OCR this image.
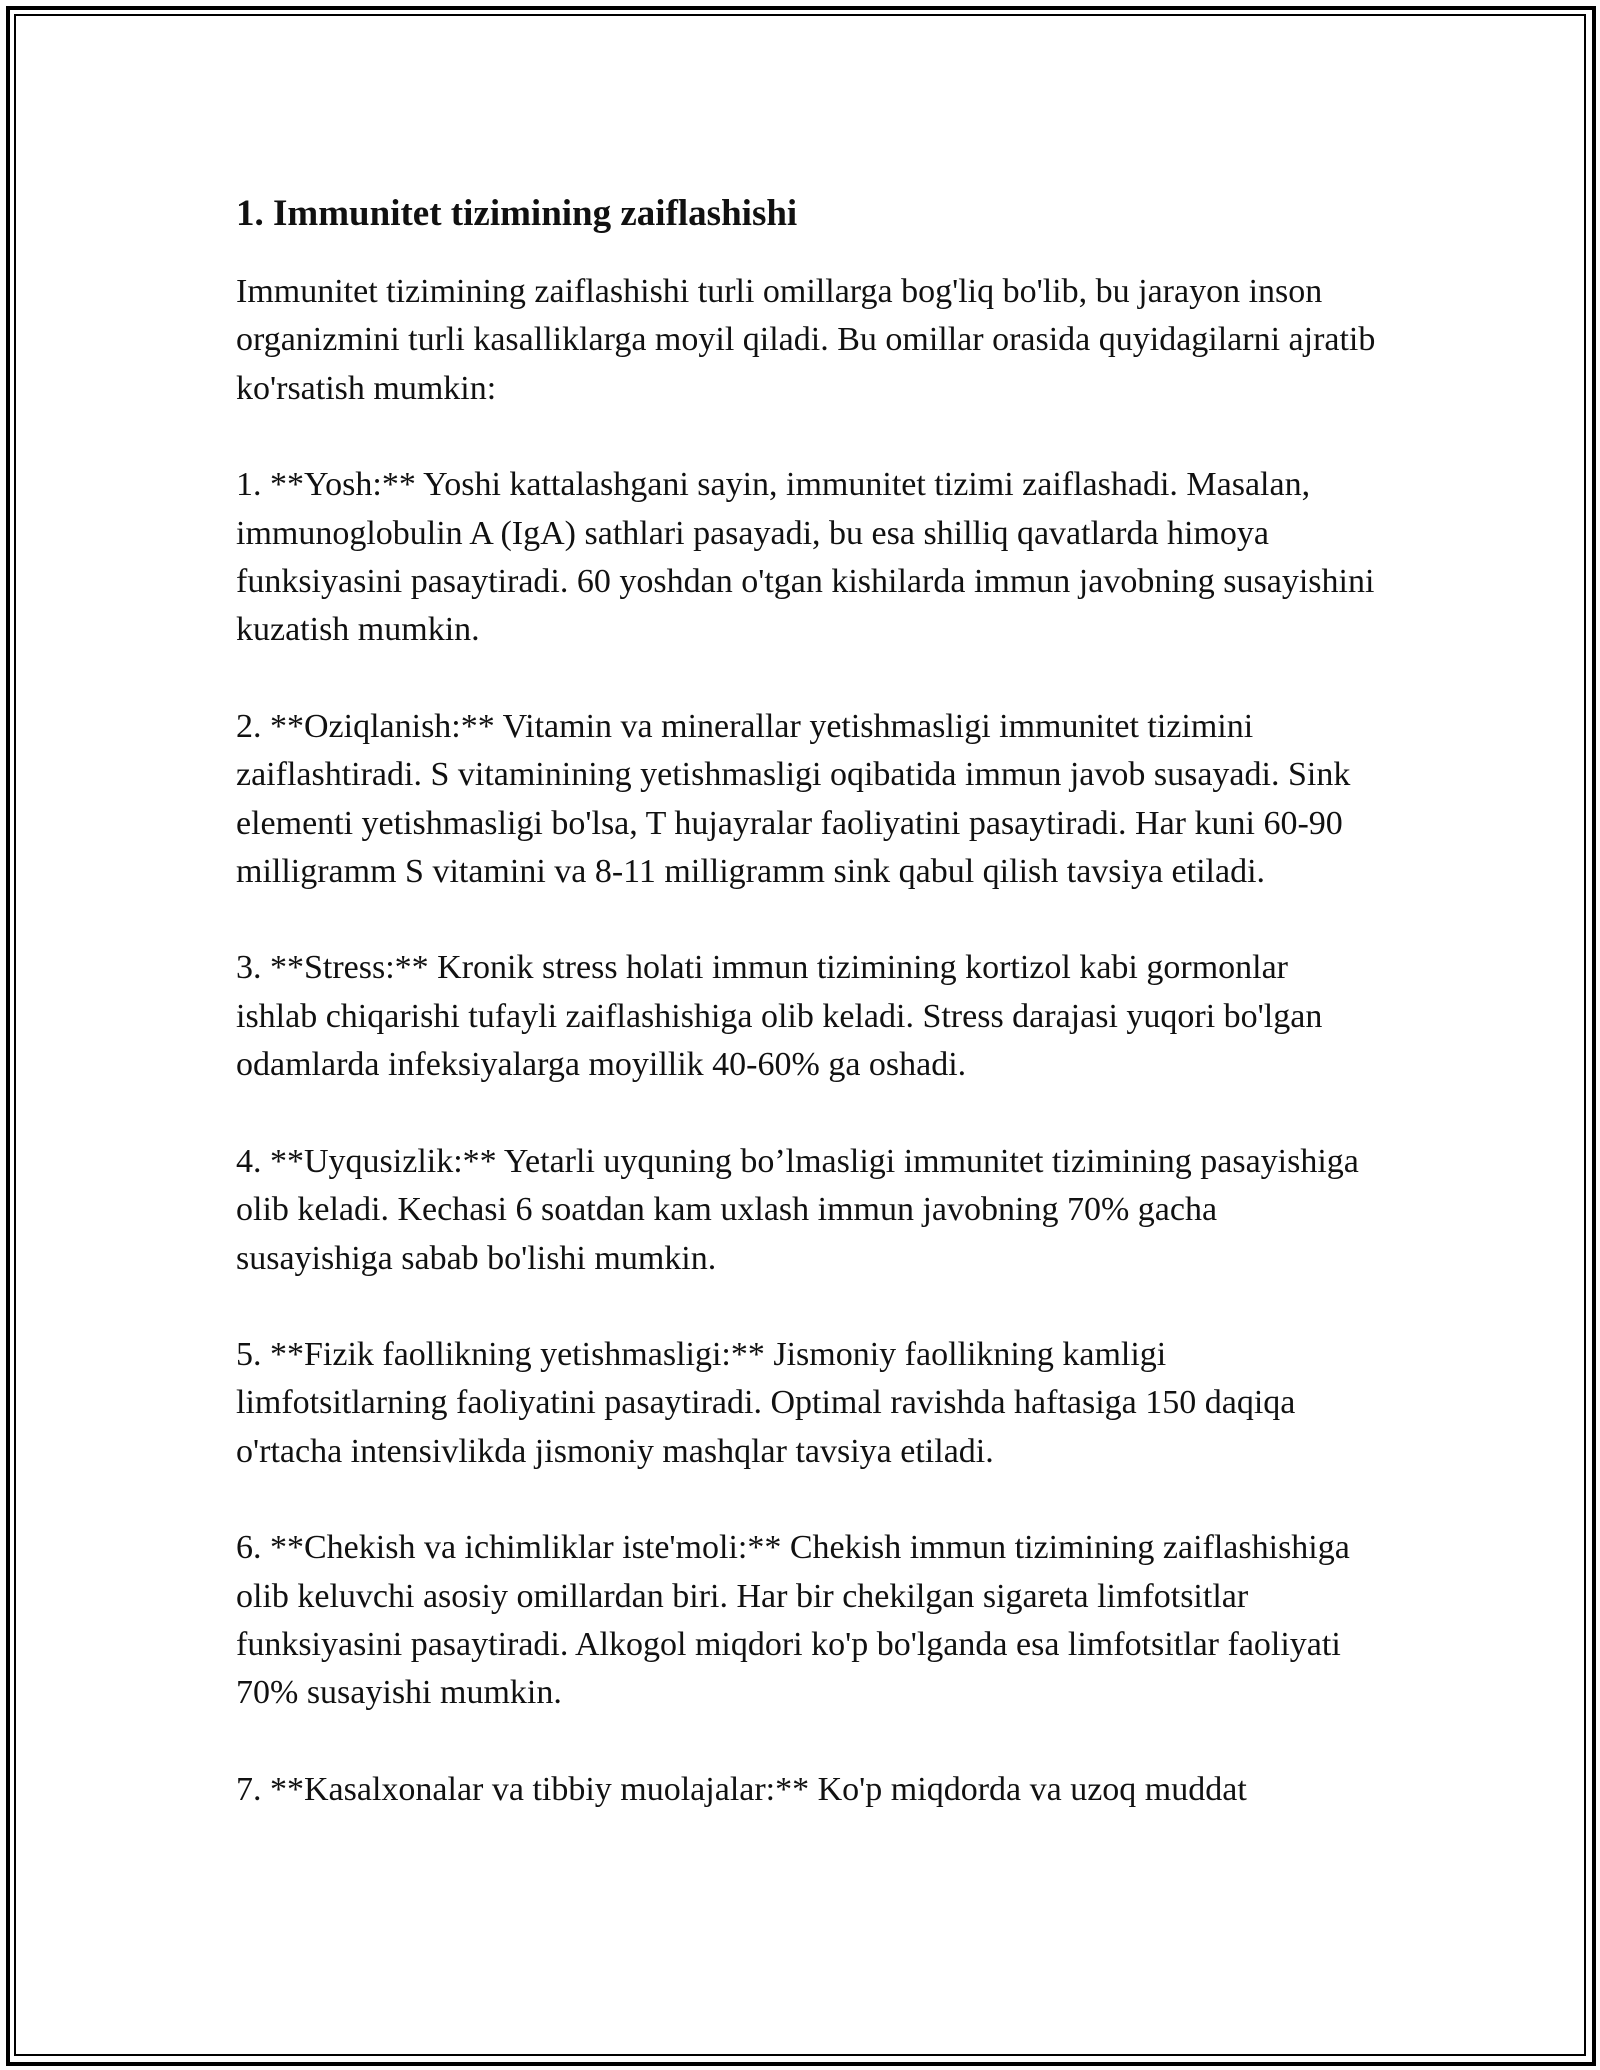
1. Immunitet tizimining zaiflashishi

Immunitet tizimining zaiflashishi turli omillarga bog'liq bo'lib, bu jarayon inson organizmini turli kasalliklarga moyil qiladi. Bu omillar orasida quyidagilarni ajratib ko'rsatish mumkin:

1. **Yosh:** Yoshi kattalashgani sayin, immunitet tizimi zaiflashadi. Masalan, immunoglobulin A (IgA) sathlari pasayadi, bu esa shilliq qavatlarda himoya funksiyasini pasaytiradi. 60 yoshdan o'tgan kishilarda immun javobning susayishini kuzatish mumkin.

2. **Oziqlanish:** Vitamin va minerallar yetishmasligi immunitet tizimini zaiflashtiradi. S vitaminining yetishmasligi oqibatida immun javob susayadi. Sink elementi yetishmasligi bo'lsa, T hujayralar faoliyatini pasaytiradi. Har kuni 60-90 milligramm S vitamini va 8-11 milligramm sink qabul qilish tavsiya etiladi.

3. **Stress:** Kronik stress holati immun tizimining kortizol kabi gormonlar ishlab chiqarishi tufayli zaiflashishiga olib keladi. Stress darajasi yuqori bo'lgan odamlarda infeksiyalarga moyillik 40-60% ga oshadi.

4. **Uyqusizlik:** Yetarli uyquning bo’lmasligi immunitet tizimining pasayishiga olib keladi. Kechasi 6 soatdan kam uxlash immun javobning 70% gacha susayishiga sabab bo'lishi mumkin.

5. **Fizik faollikning yetishmasligi:** Jismoniy faollikning kamligi limfotsitlarning faoliyatini pasaytiradi. Optimal ravishda haftasiga 150 daqiqa o'rtacha intensivlikda jismoniy mashqlar tavsiya etiladi.

6. **Chekish va ichimliklar iste'moli:** Chekish immun tizimining zaiflashishiga olib keluvchi asosiy omillardan biri. Har bir chekilgan sigareta limfotsitlar funksiyasini pasaytiradi. Alkogol miqdori ko'p bo'lganda esa limfotsitlar faoliyati 70% susayishi mumkin.

7. **Kasalxonalar va tibbiy muolajalar:** Ko'p miqdorda va uzoq muddat
